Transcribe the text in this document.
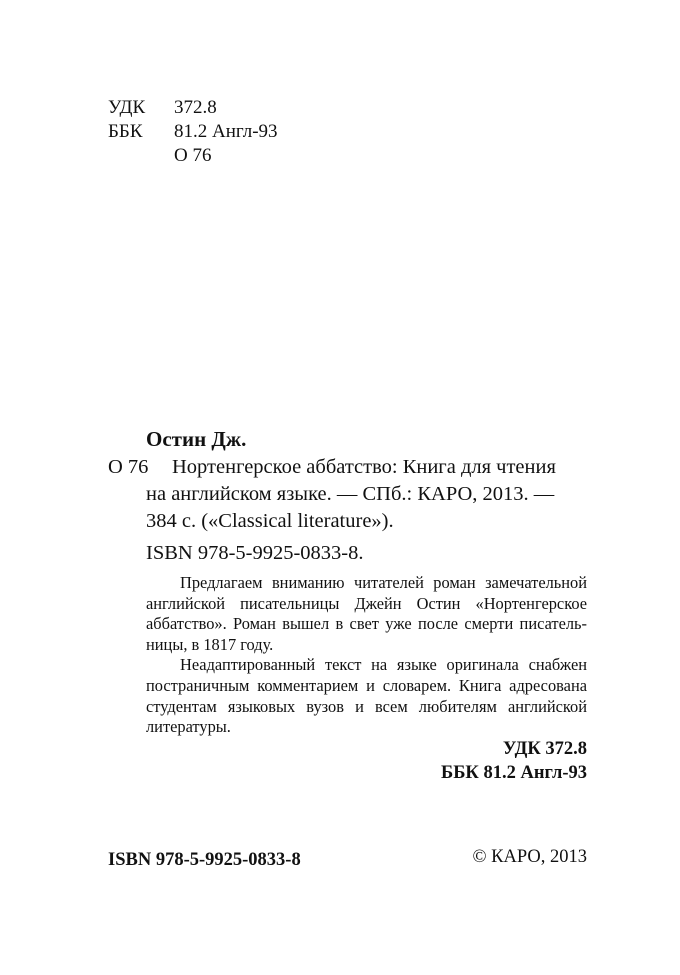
УДК 372.8
ББК 81.2 Англ-93
О 76
Остин Дж.
О 76 Нортенгерское аббатство: Книга для чтения
на английском языке. — СПб.: КАРО, 2013. —
384 с. («Classical literature»).
ISBN 978-5-9925-0833-8.

Предлагаем вниманию читателей роман замечательной английской писательницы Джейн Остин «Нортенгерское аббатство». Роман вышел в свет уже после смерти писательницы, в 1817 году.

Неадаптированный текст на языке оригинала снабжен постраничным комментарием и словарем. Книга адресована студентам языковых вузов и всем любителям английской литературы.

УДК 372.8
ББК 81.2 Англ-93
ISBN 978-5-9925-0833-8	© КАРО, 2013
